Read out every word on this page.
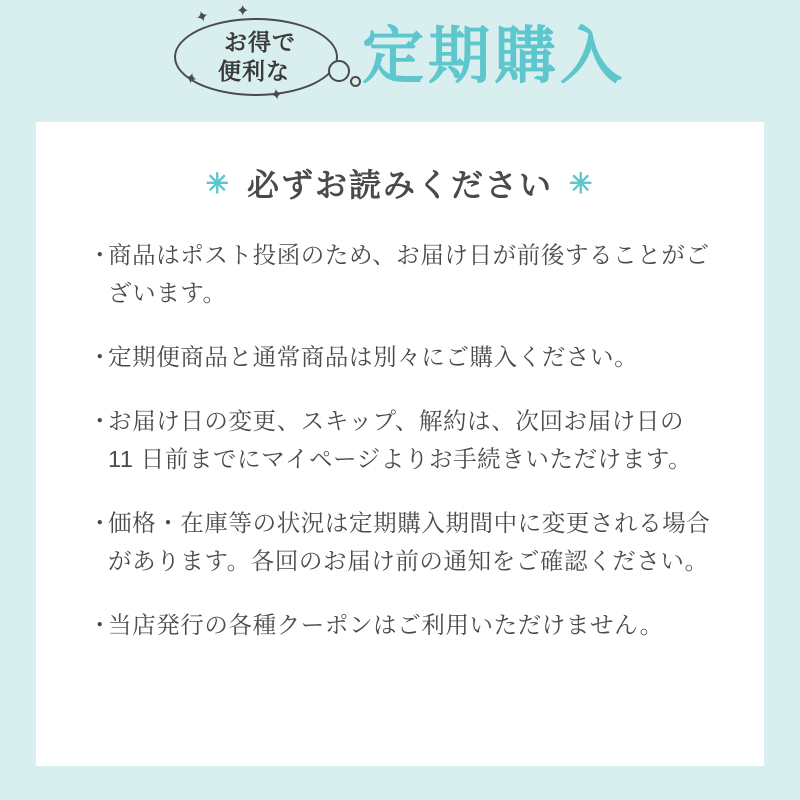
✦ ✦
✦
✦
お得で
便利な 定期購入
✳ 必ずお読みください ✳
・
商品はポスト投函のため、お届け日が前後することがございます。
・
定期便商品と通常商品は別々にご購入ください。
・
お届け日の変更、スキップ、解約は、次回お届け日の 11 日前までにマイページよりお手続きいただけます。
・
価格・在庫等の状況は定期購入期間中に変更される場合があります。各回のお届け前の通知をご確認ください。
・
当店発行の各種クーポンはご利用いただけません。
